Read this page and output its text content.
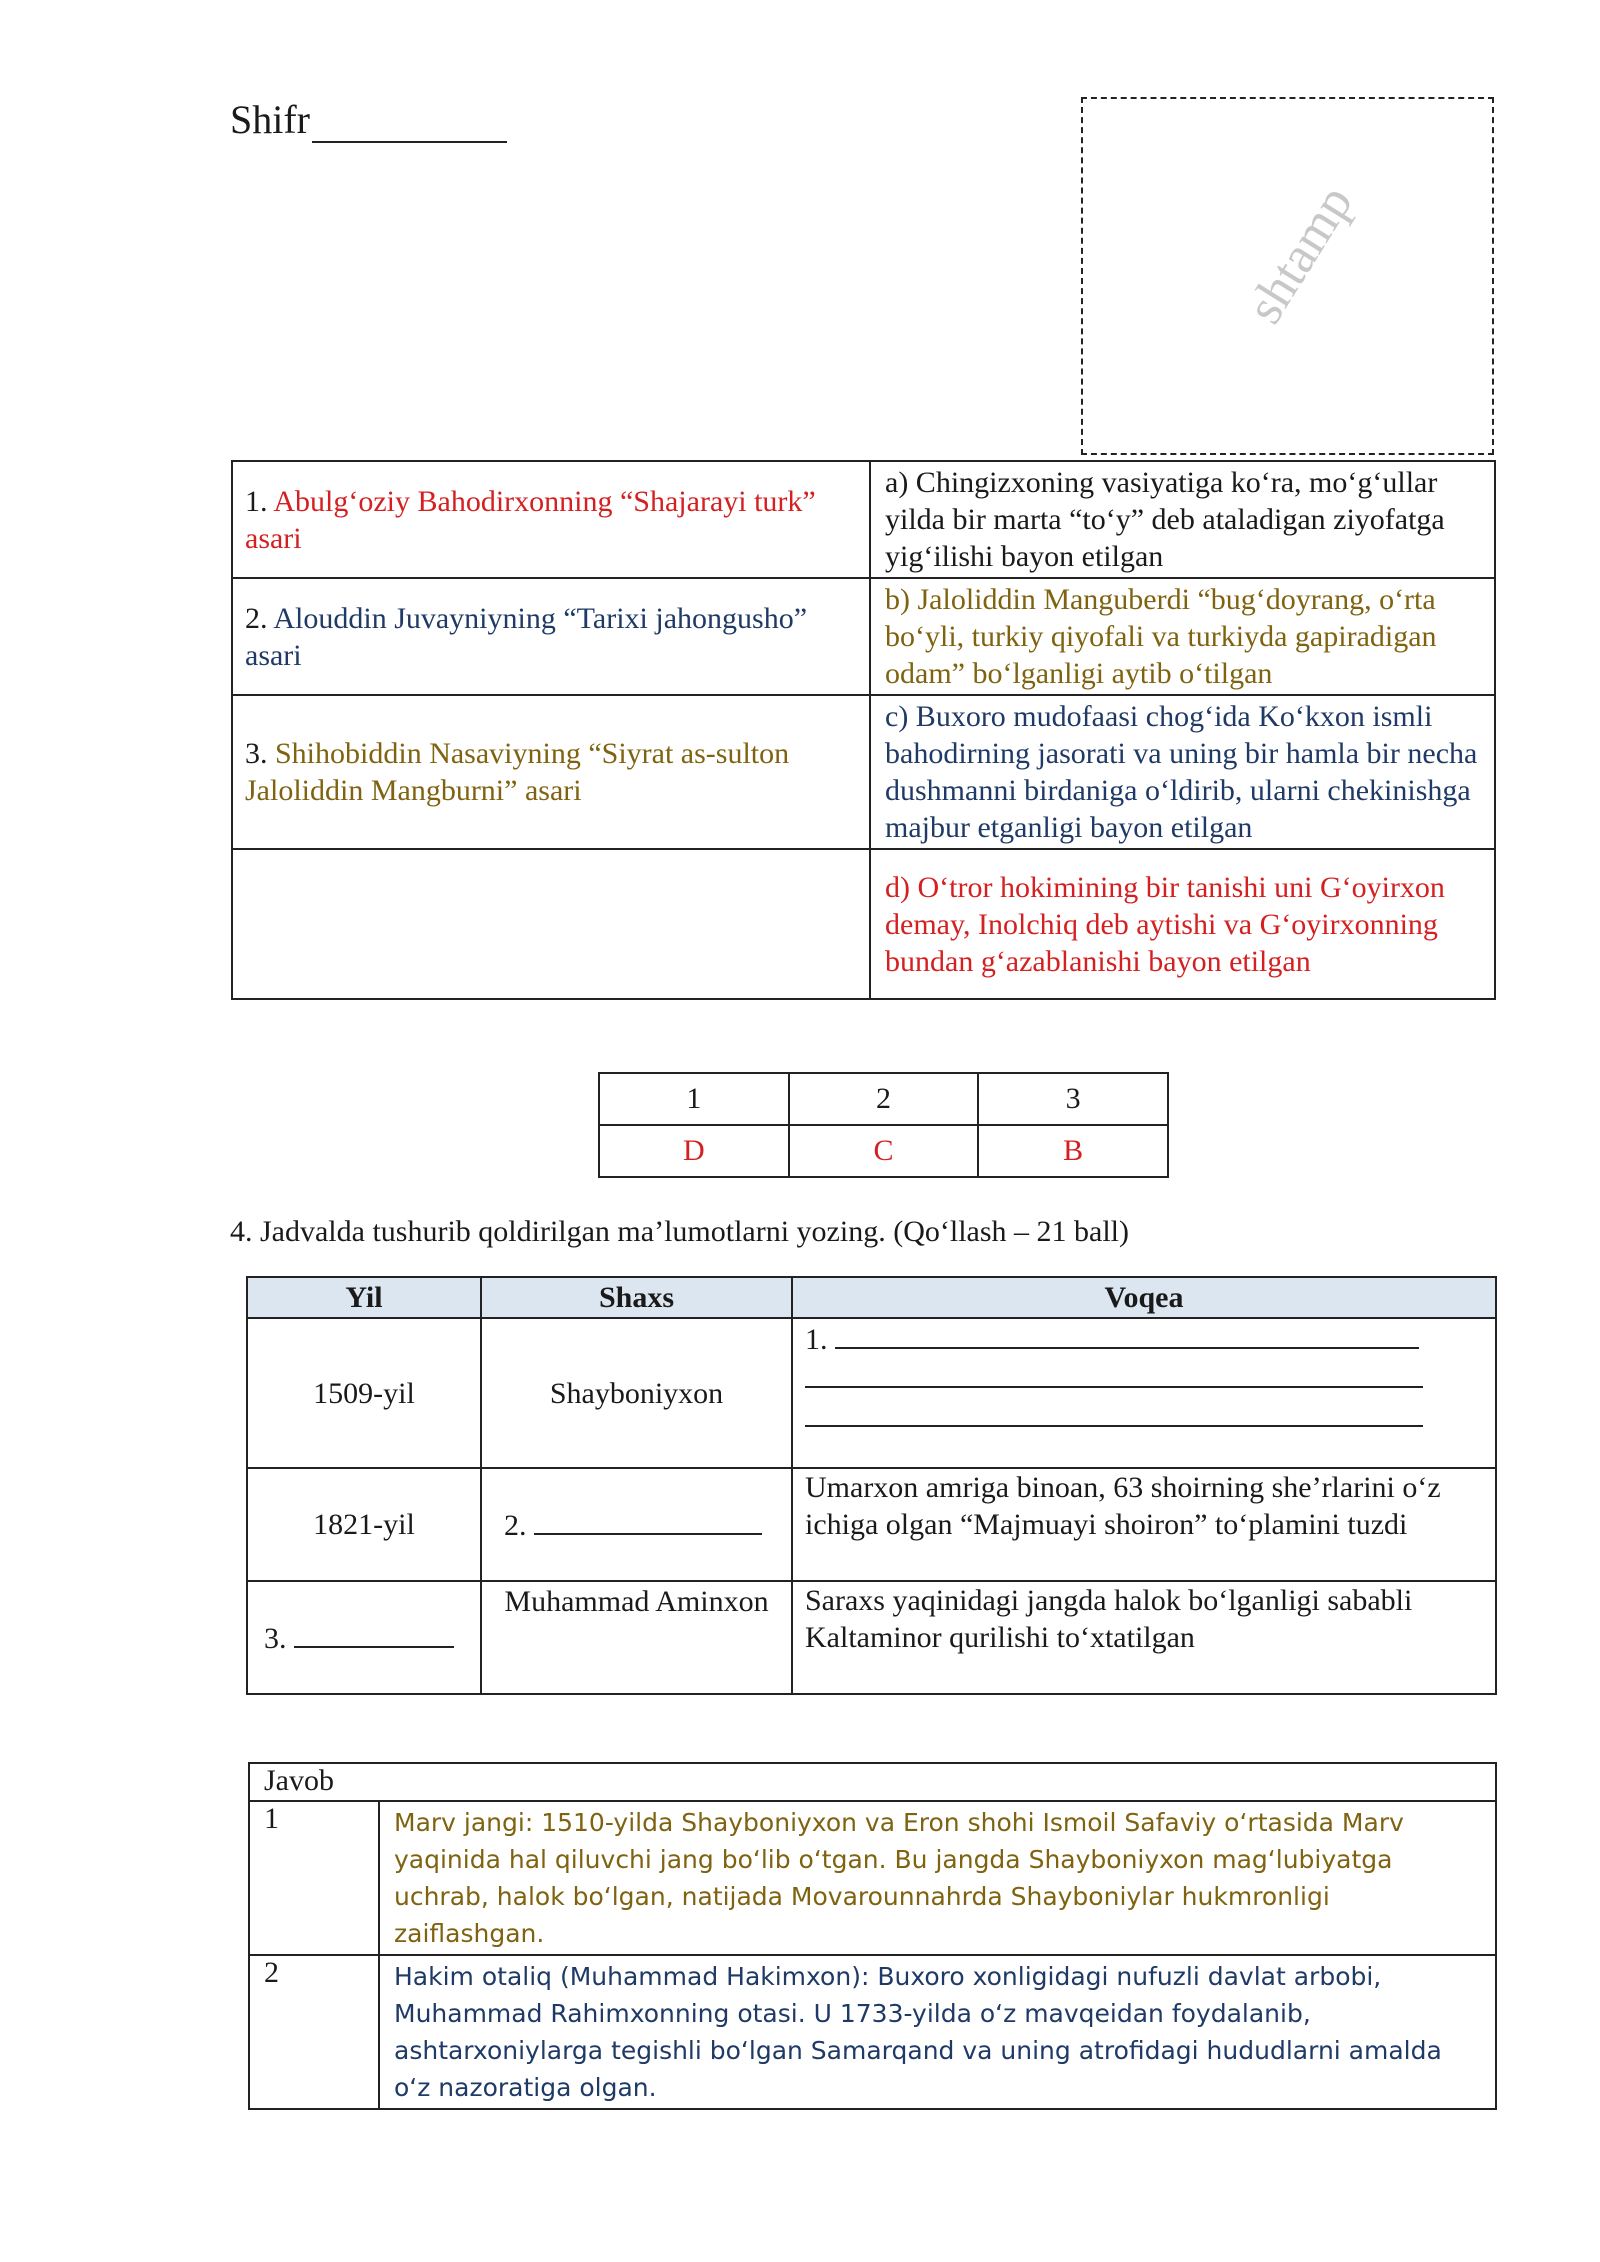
Shifr
shtamp
1. Abulg‘oziy Bahodirxonning “Shajarayi turk” asari	a) Chingizxoning vasiyatiga ko‘ra, mo‘g‘ullar yilda bir marta “to‘y” deb ataladigan ziyofatga yig‘ilishi bayon etilgan
2. Alouddin Juvayniyning “Tarixi jahongusho” asari	b) Jaloliddin Manguberdi “bug‘doyrang, o‘rta bo‘yli, turkiy qiyofali va turkiyda gapiradigan odam” bo‘lganligi aytib o‘tilgan
3. Shihobiddin Nasaviyning “Siyrat as-sulton Jaloliddin Mangburni” asari	c) Buxoro mudofaasi chog‘ida Ko‘kxon ismli bahodirning jasorati va uning bir hamla bir necha dushmanni birdaniga o‘ldirib, ularni chekinishga majbur etganligi bayon etilgan
	d) O‘tror hokimining bir tanishi uni G‘oyirxon demay, Inolchiq deb aytishi va G‘oyirxonning bundan g‘azablanishi bayon etilgan
1	2	3
D	C	B
4. Jadvalda tushurib qoldirilgan ma’lumotlarni yozing. (Qo‘llash – 21 ball)
Yil	Shaxs	Voqea
1509-yil	Shayboniyxon	1.

1821-yil	2.	Umarxon amriga binoan, 63 shoirning she’rlarini o‘z ichiga olgan “Majmuayi shoiron” to‘plamini tuzdi
3.	Muhammad Aminxon	Saraxs yaqinidagi jangda halok bo‘lganligi sababli Kaltaminor qurilishi to‘xtatilgan
Javob	
1	Marv jangi: 1510-yilda Shayboniyxon va Eron shohi Ismoil Safaviy o‘rtasida Marv yaqinida hal qiluvchi jang bo‘lib o‘tgan. Bu jangda Shayboniyxon mag‘lubiyatga uchrab, halok bo‘lgan, natijada Movarounnahrda Shayboniylar hukmronligi zaiflashgan.
2	Hakim otaliq (Muhammad Hakimxon): Buxoro xonligidagi nufuzli davlat arbobi, Muhammad Rahimxonning otasi. U 1733-yilda o‘z mavqeidan foydalanib, ashtarxoniylarga tegishli bo‘lgan Samarqand va uning atrofidagi hududlarni amalda o‘z nazoratiga olgan.
